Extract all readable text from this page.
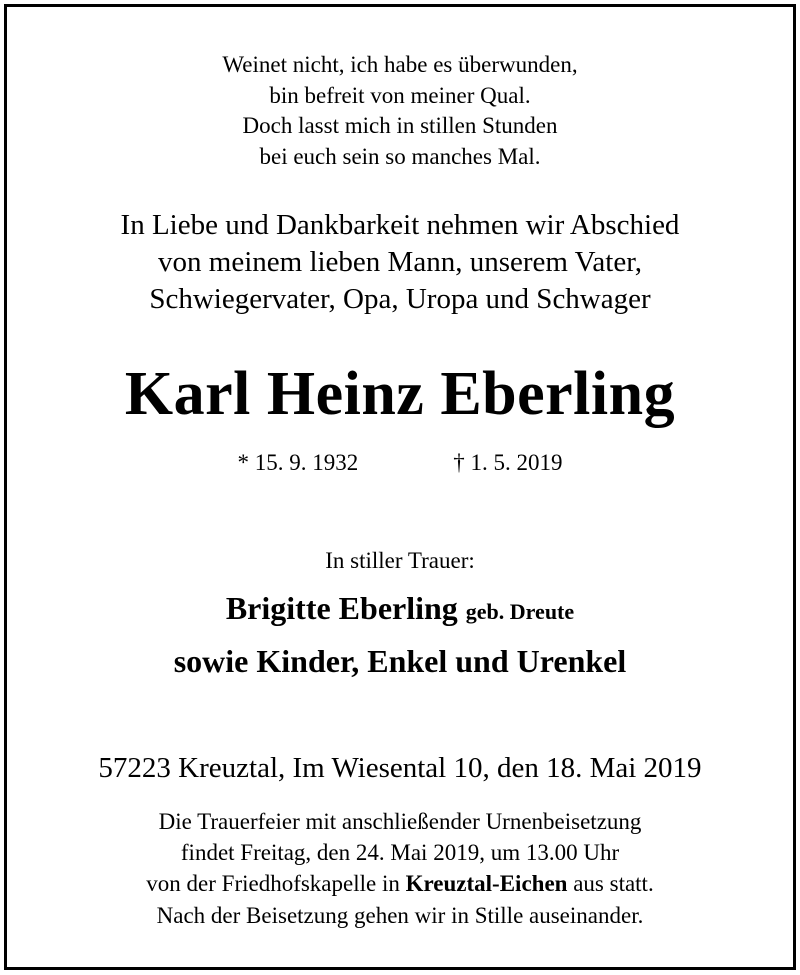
Weinet nicht, ich habe es überwunden,
bin befreit von meiner Qual.
Doch lasst mich in stillen Stunden
bei euch sein so manches Mal.
In Liebe und Dankbarkeit nehmen wir Abschied
von meinem lieben Mann, unserem Vater,
Schwiegervater, Opa, Uropa und Schwager
Karl Heinz Eberling
* 15. 9. 1932	† 1. 5. 2019
In stiller Trauer:
Brigitte Eberling geb. Dreute
sowie Kinder, Enkel und Urenkel
57223 Kreuztal, Im Wiesental 10, den 18. Mai 2019
Die Trauerfeier mit anschließender Urnenbeisetzung
findet Freitag, den 24. Mai 2019, um 13.00 Uhr
von der Friedhofskapelle in Kreuztal-Eichen aus statt.
Nach der Beisetzung gehen wir in Stille auseinander.
